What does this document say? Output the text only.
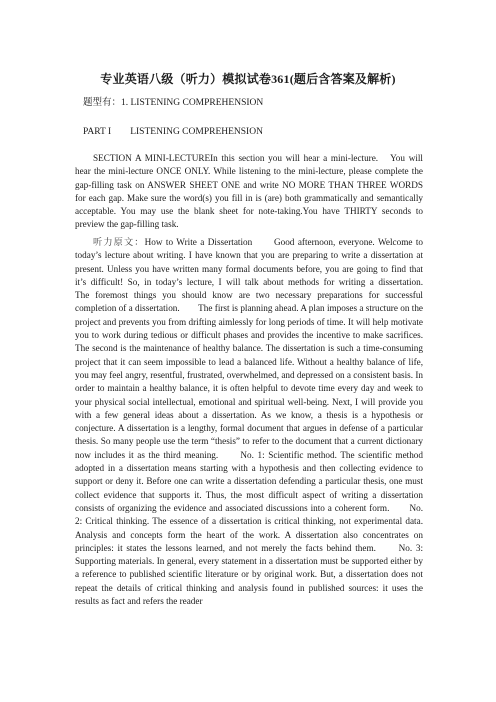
专业英语八级（听力）模拟试卷361(题后含答案及解析)
题型有：1. LISTENING COMPREHENSION
PART I　　LISTENING COMPREHENSION
SECTION A MINI-LECTUREIn this section you will hear a mini-lecture.　You will hear the mini-lecture ONCE ONLY. While listening to the mini-lecture, please complete the gap-filling task on ANSWER SHEET ONE and write NO MORE THAN THREE WORDS for each gap. Make sure the word(s) you fill in is (are) both grammatically and semantically acceptable. You may use the blank sheet for note-taking.You have THIRTY seconds to preview the gap-filling task.
听力原文：How to Write a Dissertation　　Good afternoon, everyone. Welcome to today’s lecture about writing. I have known that you are preparing to write a dissertation at present. Unless you have written many formal documents before, you are going to find that it’s difficult! So, in today’s lecture, I will talk about methods for writing a dissertation.　　The foremost things you should know are two necessary preparations for successful completion of a dissertation.　　The first is planning ahead. A plan imposes a structure on the project and prevents you from drifting aimlessly for long periods of time. It will help motivate you to work during tedious or difficult phases and provides the incentive to make sacrifices.　　The second is the maintenance of healthy balance. The dissertation is such a time-consuming project that it can seem impossible to lead a balanced life. Without a healthy balance of life, you may feel angry, resentful, frustrated, overwhelmed, and depressed on a consistent basis. In order to maintain a healthy balance, it is often helpful to devote time every day and week to your physical social intellectual, emotional and spiritual well-being. Next, I will provide you with a few general ideas about a dissertation. As we know, a thesis is a hypothesis or conjecture. A dissertation is a lengthy, formal document that argues in defense of a particular thesis. So many people use the term “thesis” to refer to the document that a current dictionary now includes it as the third meaning.　　No. 1: Scientific method. The scientific method adopted in a dissertation means starting with a hypothesis and then collecting evidence to support or deny it. Before one can write a dissertation defending a particular thesis, one must collect evidence that supports it. Thus, the most difficult aspect of writing a dissertation consists of organizing the evidence and associated discussions into a coherent form.　　No. 2: Critical thinking. The essence of a dissertation is critical thinking, not experimental data. Analysis and concepts form the heart of the work. A dissertation also concentrates on principles: it states the lessons learned, and not merely the facts behind them.　　No. 3: Supporting materials. In general, every statement in a dissertation must be supported either by a reference to published scientific literature or by original work. But, a dissertation does not repeat the details of critical thinking and analysis found in published sources: it uses the results as fact and refers the reader
